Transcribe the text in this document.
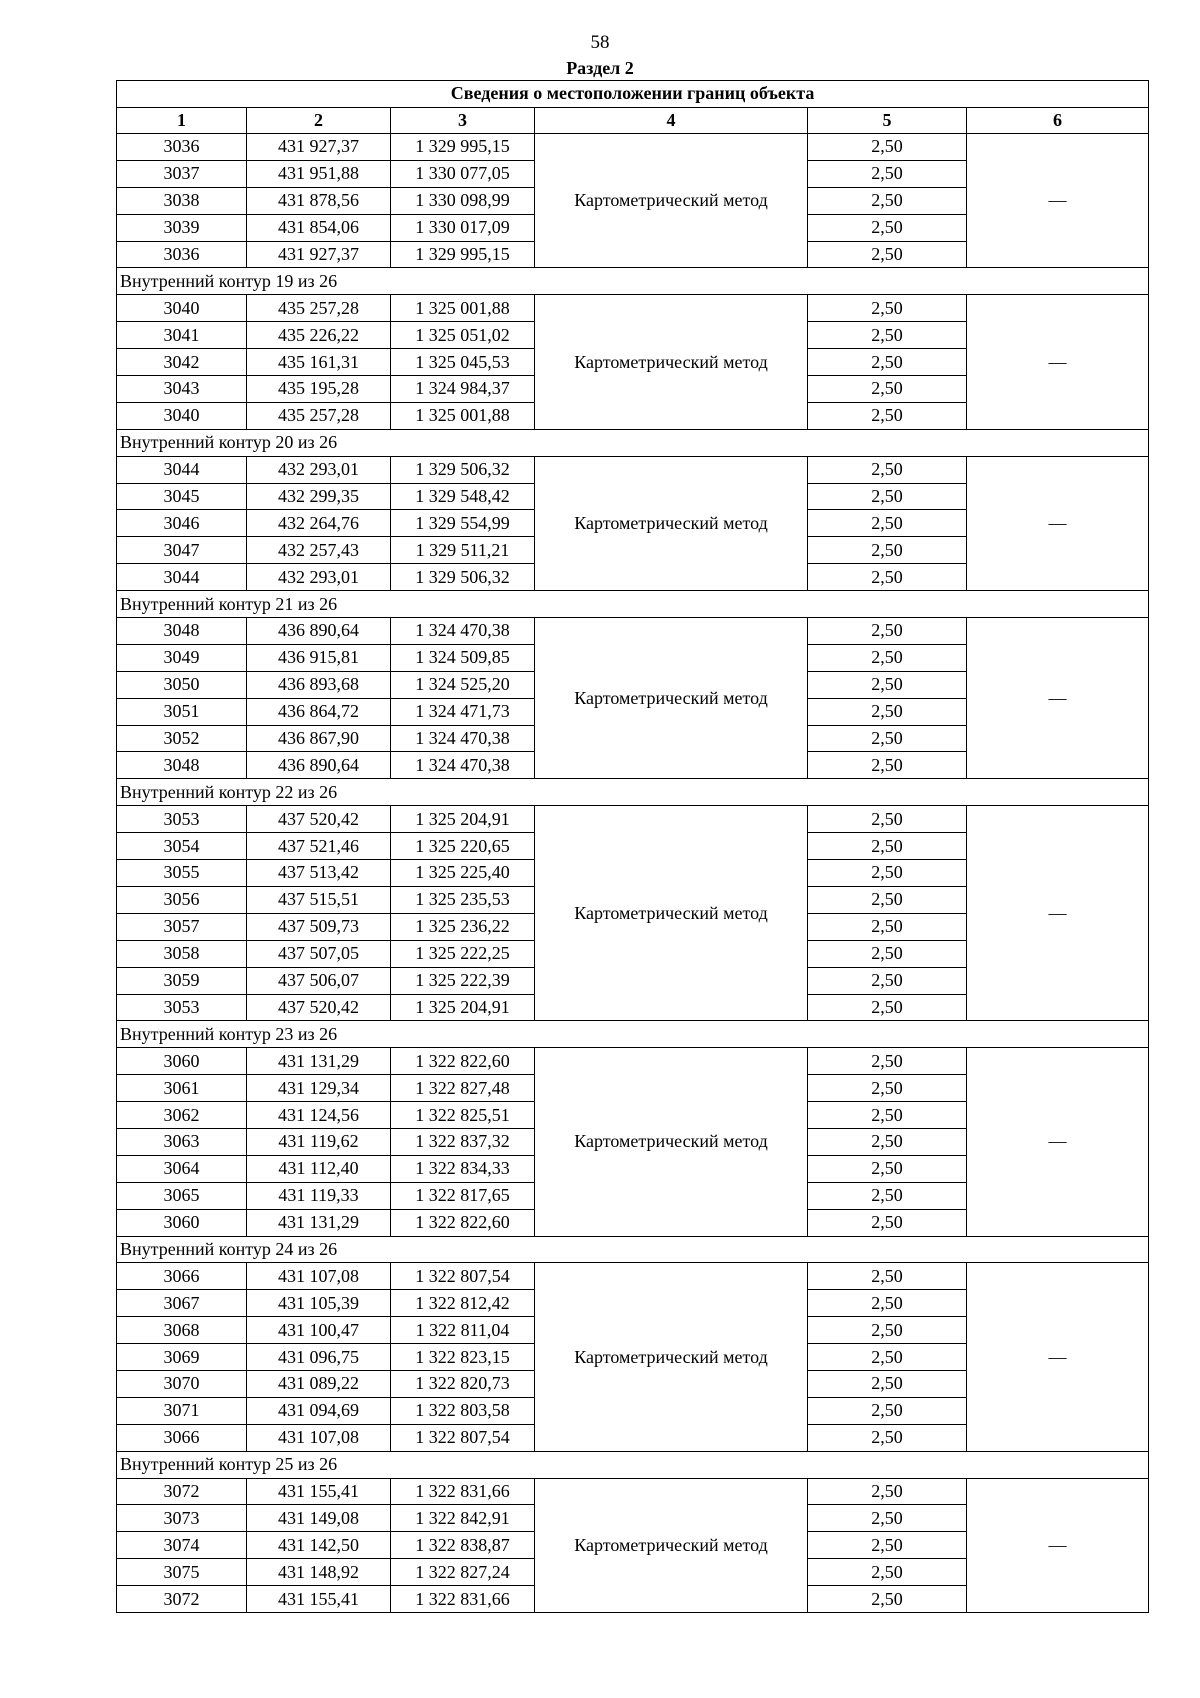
58
Раздел 2
Сведения о местоположении границ объекта					
1	2	3	4	5	6
3036	431 927,37	1 329 995,15	Картометрический метод	2,50	—
3037	431 951,88	1 330 077,05		2,50	
3038	431 878,56	1 330 098,99		2,50	
3039	431 854,06	1 330 017,09		2,50	
3036	431 927,37	1 329 995,15		2,50	
Внутренний контур 19 из 26					
3040	435 257,28	1 325 001,88	Картометрический метод	2,50	—
3041	435 226,22	1 325 051,02		2,50	
3042	435 161,31	1 325 045,53		2,50	
3043	435 195,28	1 324 984,37		2,50	
3040	435 257,28	1 325 001,88		2,50	
Внутренний контур 20 из 26					
3044	432 293,01	1 329 506,32	Картометрический метод	2,50	—
3045	432 299,35	1 329 548,42		2,50	
3046	432 264,76	1 329 554,99		2,50	
3047	432 257,43	1 329 511,21		2,50	
3044	432 293,01	1 329 506,32		2,50	
Внутренний контур 21 из 26					
3048	436 890,64	1 324 470,38	Картометрический метод	2,50	—
3049	436 915,81	1 324 509,85		2,50	
3050	436 893,68	1 324 525,20		2,50	
3051	436 864,72	1 324 471,73		2,50	
3052	436 867,90	1 324 470,38		2,50	
3048	436 890,64	1 324 470,38		2,50	
Внутренний контур 22 из 26					
3053	437 520,42	1 325 204,91	Картометрический метод	2,50	—
3054	437 521,46	1 325 220,65		2,50	
3055	437 513,42	1 325 225,40		2,50	
3056	437 515,51	1 325 235,53		2,50	
3057	437 509,73	1 325 236,22		2,50	
3058	437 507,05	1 325 222,25		2,50	
3059	437 506,07	1 325 222,39		2,50	
3053	437 520,42	1 325 204,91		2,50	
Внутренний контур 23 из 26					
3060	431 131,29	1 322 822,60	Картометрический метод	2,50	—
3061	431 129,34	1 322 827,48		2,50	
3062	431 124,56	1 322 825,51		2,50	
3063	431 119,62	1 322 837,32		2,50	
3064	431 112,40	1 322 834,33		2,50	
3065	431 119,33	1 322 817,65		2,50	
3060	431 131,29	1 322 822,60		2,50	
Внутренний контур 24 из 26					
3066	431 107,08	1 322 807,54	Картометрический метод	2,50	—
3067	431 105,39	1 322 812,42		2,50	
3068	431 100,47	1 322 811,04		2,50	
3069	431 096,75	1 322 823,15		2,50	
3070	431 089,22	1 322 820,73		2,50	
3071	431 094,69	1 322 803,58		2,50	
3066	431 107,08	1 322 807,54		2,50	
Внутренний контур 25 из 26					
3072	431 155,41	1 322 831,66	Картометрический метод	2,50	—
3073	431 149,08	1 322 842,91		2,50	
3074	431 142,50	1 322 838,87		2,50	
3075	431 148,92	1 322 827,24		2,50	
3072	431 155,41	1 322 831,66		2,50	
